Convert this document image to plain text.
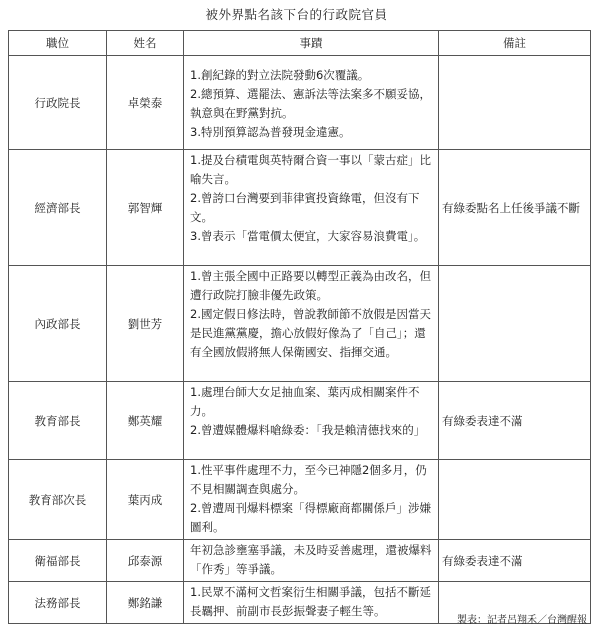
被外界點名該下台的行政院官員
職位	姓名	事蹟	備註
行政院長	卓榮泰	1.創紀錄的對立法院發動6次覆議。
2.總預算、選罷法、憲訴法等法案多不願妥協，執意與在野黨對抗。
3.特別預算認為普發現金違憲。	

經濟部長	郭智輝	1.提及台積電與英特爾合資一事以「蒙古症」比喻失言。
2.曾誇口台灣要到菲律賓投資綠電，但沒有下文。
3.曾表示「當電價太便宜，大家容易浪費電」。	有綠委點名上任後爭議不斷
內政部長	劉世芳	1.曾主張全國中正路要以轉型正義為由改名，但遭行政院打臉非優先政策。
2.國定假日修法時，曾說教師節不放假是因當天是民進黨黨慶，擔心放假好像為了「自己」；還有全國放假將無人保衛國安、指揮交通。	

教育部長	鄭英耀	1.處理台師大女足抽血案、葉丙成相關案件不力。
2.曾遭媒體爆料嗆綠委：「我是賴清德找來的」	有綠委表達不滿
教育部次長	葉丙成	1.性平事件處理不力，至今已神隱2個多月，仍不見相關調查與處分。
2.曾遭周刊爆料標案「得標廠商都關係戶」涉嫌圖利。	

衛福部長	邱泰源	年初急診壅塞爭議，未及時妥善處理，還被爆料「作秀」等爭議。	有綠委表達不滿
法務部長	鄭銘謙	1.民眾不滿柯文哲案衍生相關爭議，包括不斷延長羈押、前副市長彭振聲妻子輕生等。	

製表：記者呂翔禾／台灣醒報
